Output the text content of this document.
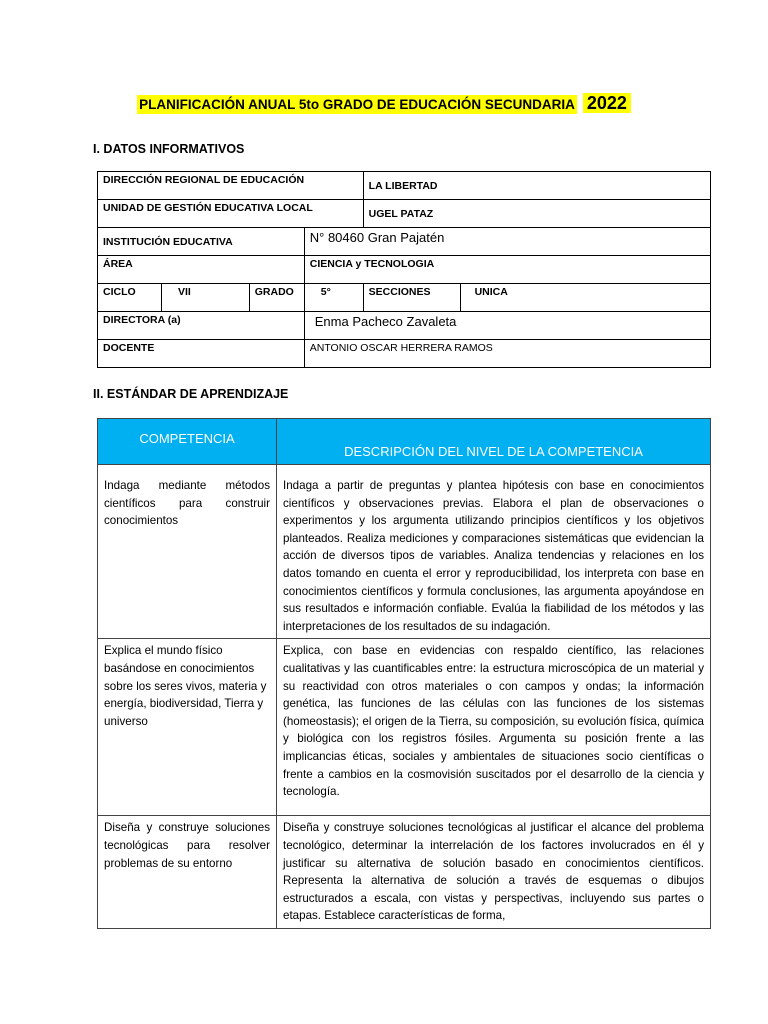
PLANIFICACIÓN ANUAL 5to GRADO DE EDUCACIÓN SECUNDARIA 2022
I. DATOS INFORMATIVOS
DIRECCIÓN REGIONAL DE EDUCACIÓN				LA LIBERTAD	
UNIDAD DE GESTIÓN EDUCATIVA LOCAL				UGEL PATAZ	
INSTITUCIÓN EDUCATIVA			N° 80460 Gran Pajatén		
ÁREA			CIENCIA y TECNOLOGIA		
CICLO	VII	GRADO	5°	SECCIONES	UNICA
DIRECTORA (a)			Enma Pacheco Zavaleta		
DOCENTE			ANTONIO OSCAR HERRERA RAMOS		
II. ESTÁNDAR DE APRENDIZAJE
COMPETENCIA	DESCRIPCIÓN DEL NIVEL DE LA COMPETENCIA
Indaga mediante métodos científicos para construir conocimientos	Indaga a partir de preguntas y plantea hipótesis con base en conocimientos científicos y observaciones previas. Elabora el plan de observaciones o experimentos y los argumenta utilizando principios científicos y los objetivos planteados. Realiza mediciones y comparaciones sistemáticas que evidencian la acción de diversos tipos de variables. Analiza tendencias y relaciones en los datos tomando en cuenta el error y reproducibilidad, los interpreta con base en conocimientos científicos y formula conclusiones, las argumenta apoyándose en sus resultados e información confiable. Evalúa la fiabilidad de los métodos y las interpretaciones de los resultados de su indagación.
Explica el mundo físico basándose en conocimientos sobre los seres vivos, materia y energía, biodiversidad, Tierra y universo	Explica, con base en evidencias con respaldo científico, las relaciones cualitativas y las cuantificables entre: la estructura microscópica de un material y su reactividad con otros materiales o con campos y ondas; la información genética, las funciones de las células con las funciones de los sistemas (homeostasis); el origen de la Tierra, su composición, su evolución física, química y biológica con los registros fósiles. Argumenta su posición frente a las implicancias éticas, sociales y ambientales de situaciones socio científicas o frente a cambios en la cosmovisión suscitados por el desarrollo de la ciencia y tecnología.
Diseña y construye soluciones tecnológicas para resolver problemas de su entorno	Diseña y construye soluciones tecnológicas al justificar el alcance del problema tecnológico, determinar la interrelación de los factores involucrados en él y justificar su alternativa de solución basado en conocimientos científicos. Representa la alternativa de solución a través de esquemas o dibujos estructurados a escala, con vistas y perspectivas, incluyendo sus partes o etapas. Establece características de forma,
